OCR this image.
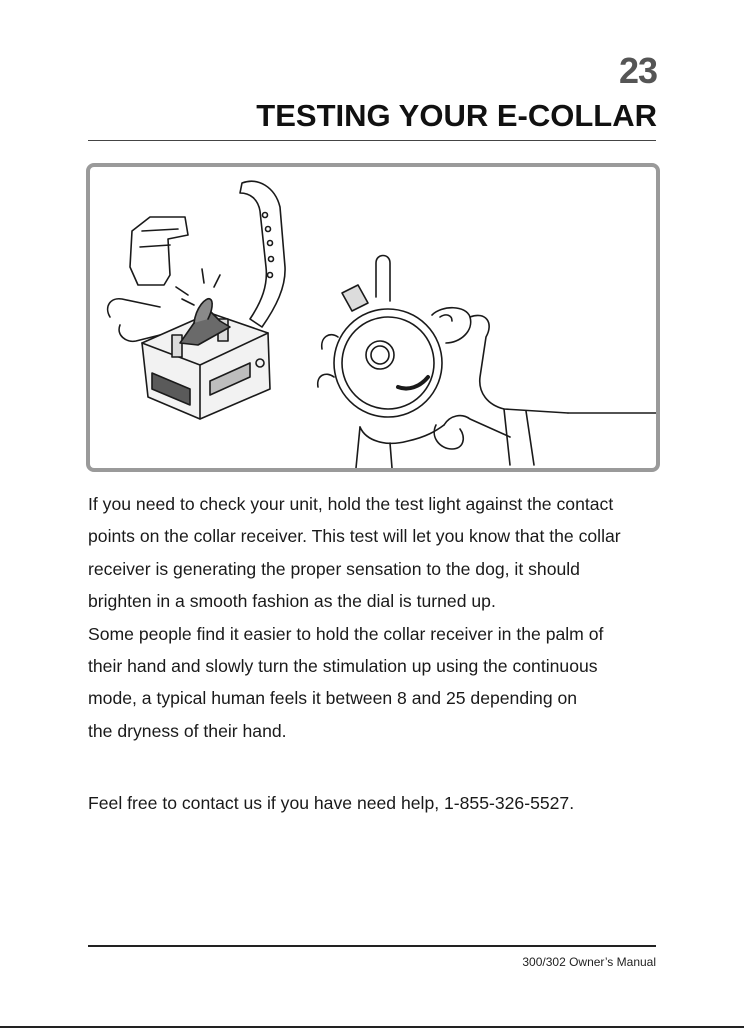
23
TESTING YOUR E-COLLAR
If you need to check your unit, hold the test light against the contact
points on the collar receiver. This test will let you know that the collar
receiver is generating the proper sensation to the dog, it should
brighten in a smooth fashion as the dial is turned up.
Some people find it easier to hold the collar receiver in the palm of
their hand and slowly turn the stimulation up using the continuous
mode, a typical human feels it between 8 and 25 depending on
the dryness of their hand.
Feel free to contact us if you have need help, 1-855-326-5527.
300/302 Owner’s Manual
